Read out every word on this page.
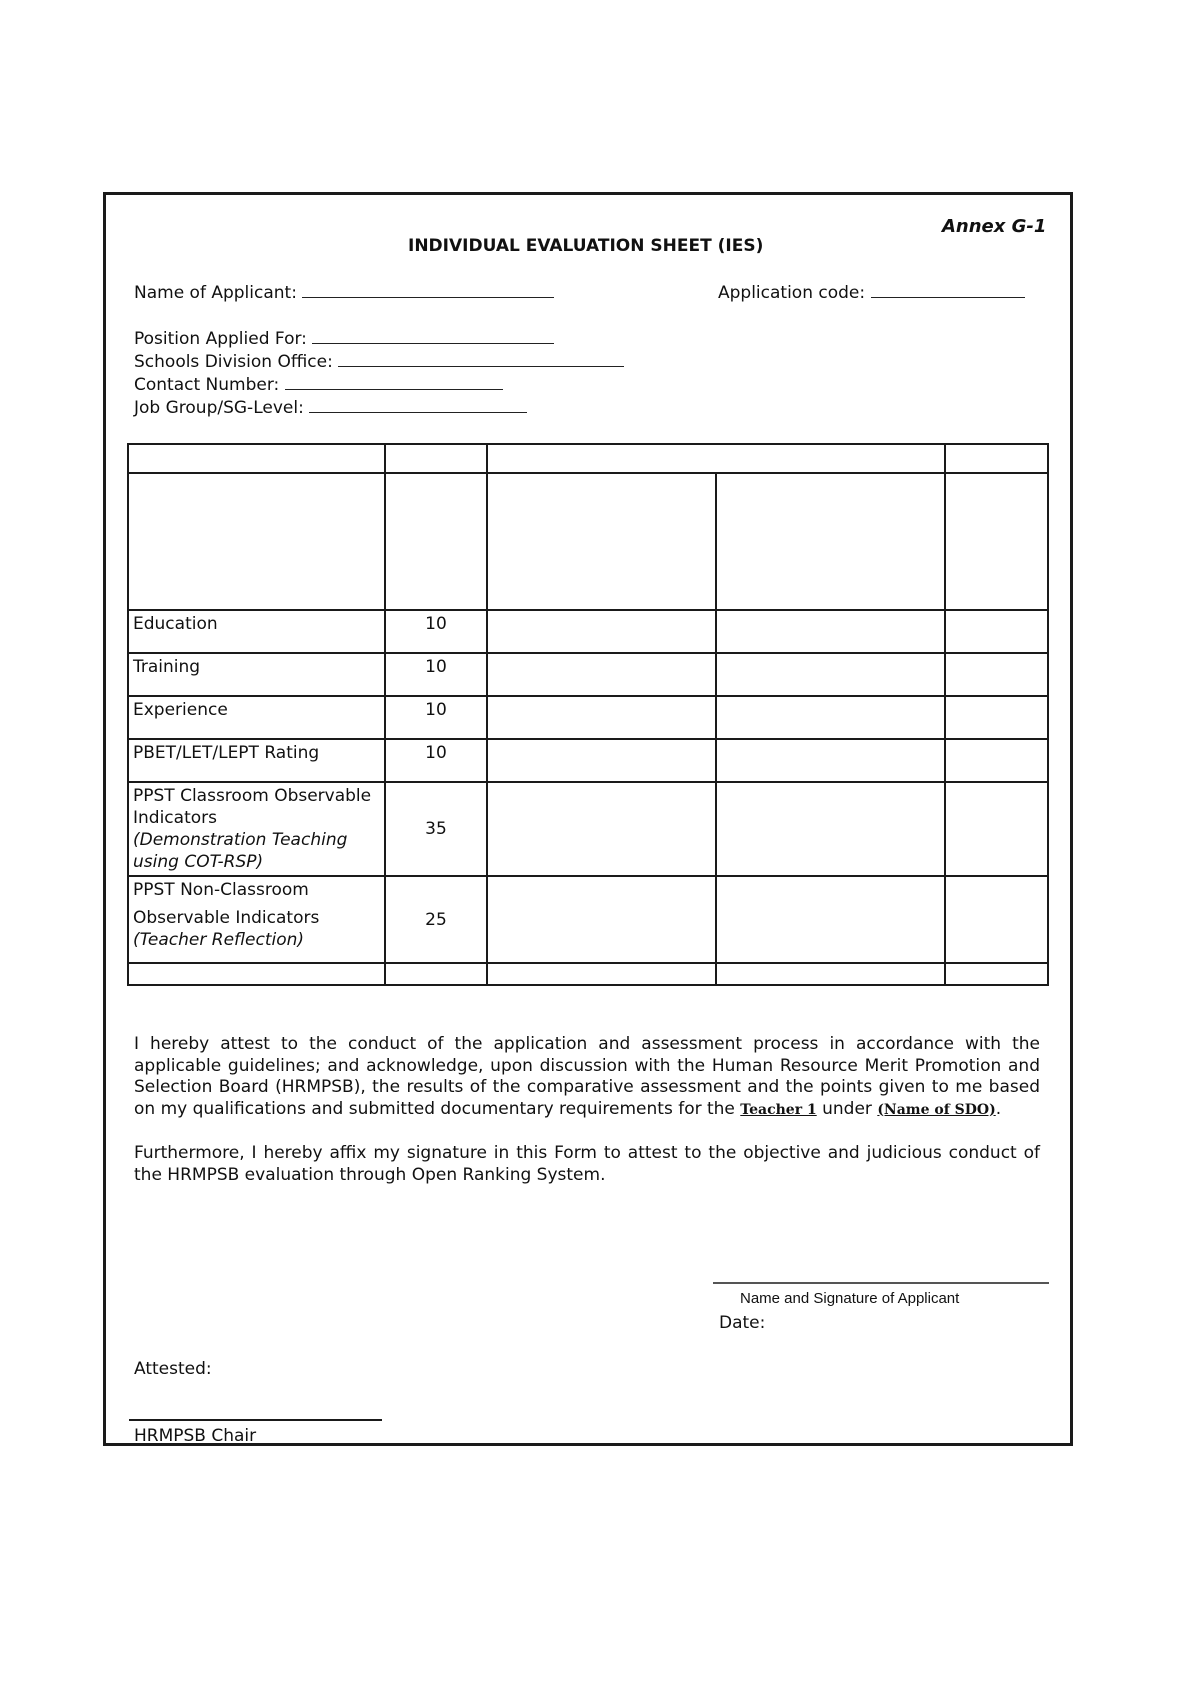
Annex G-1
INDIVIDUAL EVALUATION SHEET (IES)
Name of Applicant:	Application code:
Position Applied For:
Schools Division Office:
Contact Number:
Job Group/SG-Level:

Education	10			
Training	10			
Experience	10			
PBET/LET/LEPT Rating	10			

PPST Classroom Observable
Indicators
(Demonstration Teaching using COT-RSP)	35			

PPST Non-Classroom
Observable Indicators
(Teacher Reflection)	25			

I hereby attest to the conduct of the application and assessment process in accordance with the applicable guidelines; and acknowledge, upon discussion with the Human Resource Merit Promotion and Selection Board (HRMPSB), the results of the comparative assessment and the points given to me based on my qualifications and submitted documentary requirements for the Teacher 1 under (Name of SDO).
Furthermore, I hereby affix my signature in this Form to attest to the objective and judicious conduct of the HRMPSB evaluation through Open Ranking System.
Name and Signature of Applicant
Date:
Attested:
HRMPSB Chair
